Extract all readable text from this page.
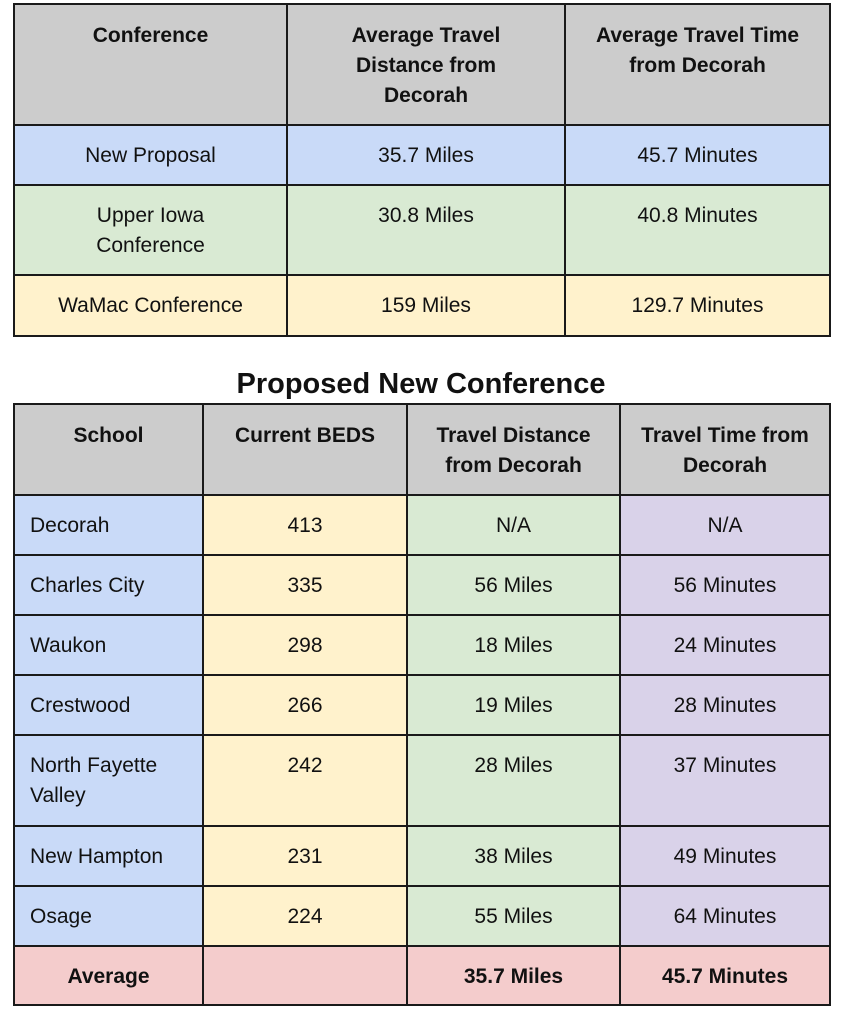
Conference	Average Travel Distance from Decorah	Average Travel Time from Decorah

New Proposal	35.7 Miles	45.7 Minutes

Upper Iowa Conference	30.8 Miles	40.8 Minutes

WaMac Conference	159 Miles	129.7 Minutes
Proposed New Conference
School	Current BEDS	Travel Distance from Decorah	Travel Time from Decorah

Decorah	413	N/A	N/A

Charles City	335	56 Miles	56 Minutes

Waukon	298	18 Miles	24 Minutes

Crestwood	266	19 Miles	28 Minutes

North Fayette Valley	242	28 Miles	37 Minutes

New Hampton	231	38 Miles	49 Minutes

Osage	224	55 Miles	64 Minutes

Average		35.7 Miles	45.7 Minutes
